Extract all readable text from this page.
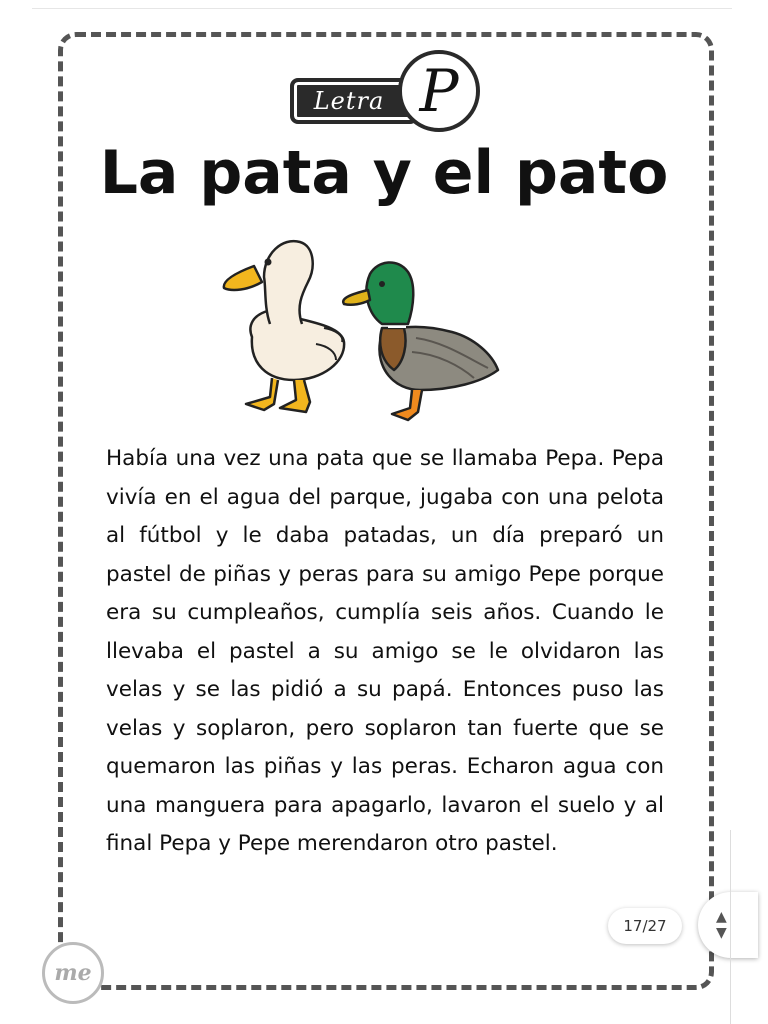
Letra P
La pata y el pato

Había una vez una pata que se llamaba Pepa. Pepa vivía en el agua del parque, jugaba con una pelota al fútbol y le daba patadas, un día preparó un pastel de piñas y peras para su amigo Pepe porque era su cumpleaños, cumplía seis años. Cuando le llevaba el pastel a su amigo se le olvidaron las velas y se las pidió a su papá. Entonces puso las velas y soplaron, pero soplaron tan fuerte que se quemaron las piñas y las peras. Echaron agua con una manguera para apagarlo, lavaron el suelo y al final Pepa y Pepe merendaron otro pastel.

17/27	▲
▼
me
